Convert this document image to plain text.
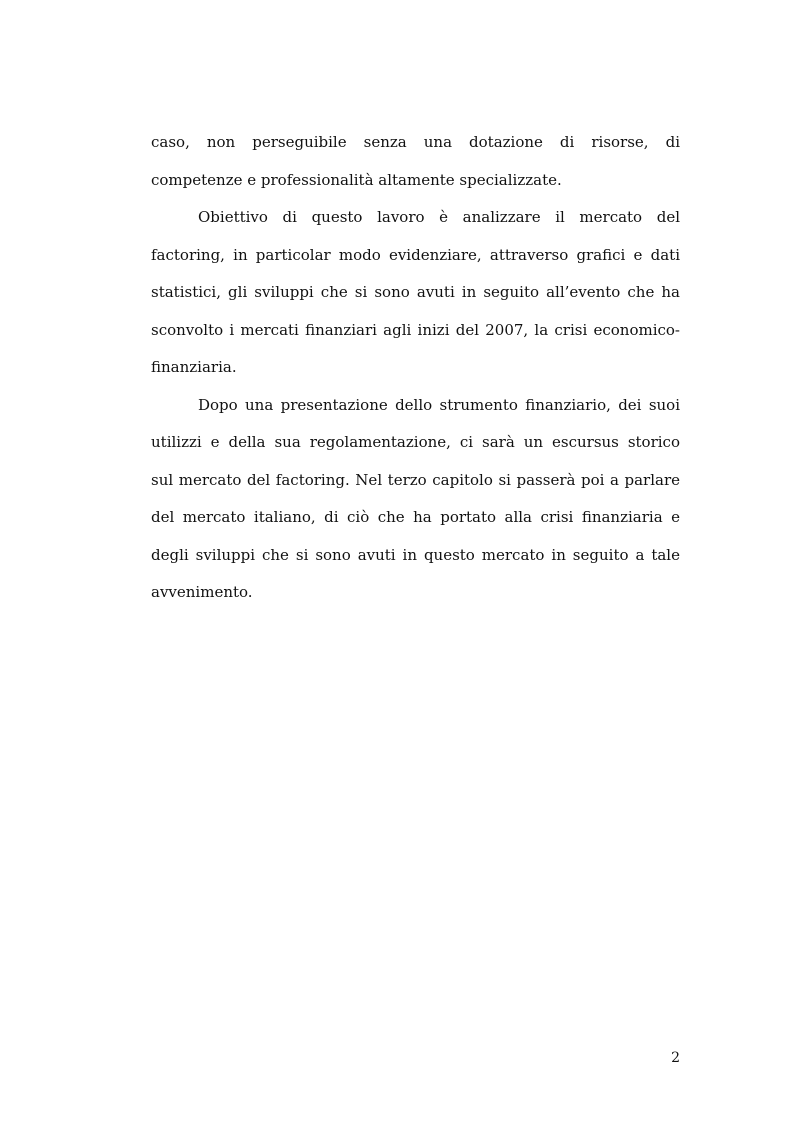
caso, non perseguibile senza una dotazione di risorse, di
competenze e professionalità altamente specializzate.
Obiettivo di questo lavoro è analizzare il mercato del
factoring, in particolar modo evidenziare, attraverso grafici e dati
statistici, gli sviluppi che si sono avuti in seguito all’evento che ha
sconvolto i mercati finanziari agli inizi del 2007, la crisi economico-
finanziaria.
Dopo una presentazione dello strumento finanziario, dei suoi
utilizzi e della sua regolamentazione, ci sarà un escursus storico
sul mercato del factoring. Nel terzo capitolo si passerà poi a parlare
del mercato italiano, di ciò che ha portato alla crisi finanziaria e
degli sviluppi che si sono avuti in questo mercato in seguito a tale
avvenimento.
2
